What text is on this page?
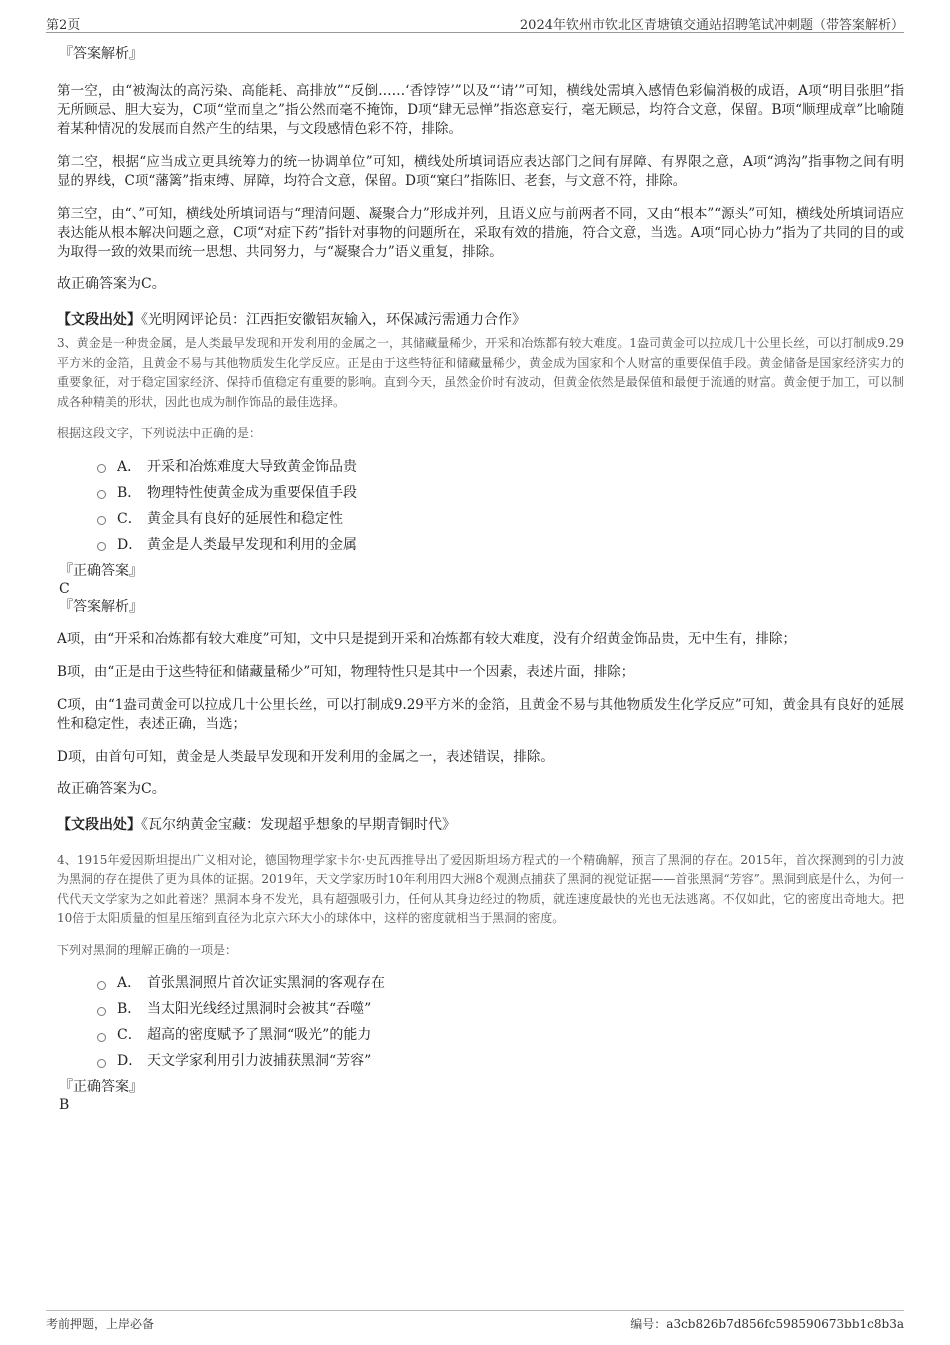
第2页	2024年钦州市钦北区青塘镇交通站招聘笔试冲刺题（带答案解析）

『答案解析』

第一空，由“被淘汰的高污染、高能耗、高排放”“反倒……‘香饽饽’”以及“‘请’”可知，横线处需填入感情色彩偏消极的成语，A项“明目张胆”指无所顾忌、胆大妄为，C项“堂而皇之”指公然而毫不掩饰，D项“肆无忌惮”指恣意妄行，毫无顾忌，均符合文意，保留。B项“顺理成章”比喻随着某种情况的发展而自然产生的结果，与文段感情色彩不符，排除。

第二空，根据“应当成立更具统筹力的统一协调单位”可知，横线处所填词语应表达部门之间有屏障、有界限之意，A项“鸿沟”指事物之间有明显的界线，C项“藩篱”指束缚、屏障，均符合文意，保留。D项“窠臼”指陈旧、老套，与文意不符，排除。

第三空，由“、”可知，横线处所填词语与“理清问题、凝聚合力”形成并列，且语义应与前两者不同，又由“根本”“源头”可知，横线处所填词语应表达能从根本解决问题之意，C项“对症下药”指针对事物的问题所在，采取有效的措施，符合文意，当选。A项“同心协力”指为了共同的目的或为取得一致的效果而统一思想、共同努力，与“凝聚合力”语义重复，排除。

故正确答案为C。

【文段出处】《光明网评论员：江西拒安徽铝灰输入，环保减污需通力合作》

3、黄金是一种贵金属，是人类最早发现和开发利用的金属之一，其储藏量稀少，开采和冶炼都有较大难度。1盎司黄金可以拉成几十公里长丝，可以打制成9.29平方米的金箔，且黄金不易与其他物质发生化学反应。正是由于这些特征和储藏量稀少，黄金成为国家和个人财富的重要保值手段。黄金储备是国家经济实力的重要象征，对于稳定国家经济、保持币值稳定有重要的影响。直到今天，虽然金价时有波动，但黄金依然是最保值和最便于流通的财富。黄金便于加工，可以制成各种精美的形状，因此也成为制作饰品的最佳选择。

根据这段文字，下列说法中正确的是：

A． 开采和冶炼难度大导致黄金饰品贵
B． 物理特性使黄金成为重要保值手段
C． 黄金具有良好的延展性和稳定性
D． 黄金是人类最早发现和利用的金属

『正确答案』

C

『答案解析』

A项，由“开采和冶炼都有较大难度”可知，文中只是提到开采和冶炼都有较大难度，没有介绍黄金饰品贵，无中生有，排除；

B项，由“正是由于这些特征和储藏量稀少”可知，物理特性只是其中一个因素，表述片面，排除；

C项，由“1盎司黄金可以拉成几十公里长丝，可以打制成9.29平方米的金箔，且黄金不易与其他物质发生化学反应”可知，黄金具有良好的延展性和稳定性，表述正确，当选；

D项，由首句可知，黄金是人类最早发现和开发利用的金属之一，表述错误，排除。

故正确答案为C。

【文段出处】《瓦尔纳黄金宝藏：发现超乎想象的早期青铜时代》

4、1915年爱因斯坦提出广义相对论，德国物理学家卡尔·史瓦西推导出了爱因斯坦场方程式的一个精确解，预言了黑洞的存在。2015年，首次探测到的引力波为黑洞的存在提供了更为具体的证据。2019年，天文学家历时10年利用四大洲8个观测点捕获了黑洞的视觉证据——首张黑洞“芳容”。黑洞到底是什么，为何一代代天文学家为之如此着迷？黑洞本身不发光，具有超强吸引力，任何从其身边经过的物质，就连速度最快的光也无法逃离。不仅如此，它的密度出奇地大。把10倍于太阳质量的恒星压缩到直径为北京六环大小的球体中，这样的密度就相当于黑洞的密度。

下列对黑洞的理解正确的一项是：

A． 首张黑洞照片首次证实黑洞的客观存在
B． 当太阳光线经过黑洞时会被其“吞噬”
C． 超高的密度赋予了黑洞“吸光”的能力
D． 天文学家利用引力波捕获黑洞“芳容”

『正确答案』

B

考前押题，上岸必备	编号：a3cb826b7d856fc598590673bb1c8b3a
